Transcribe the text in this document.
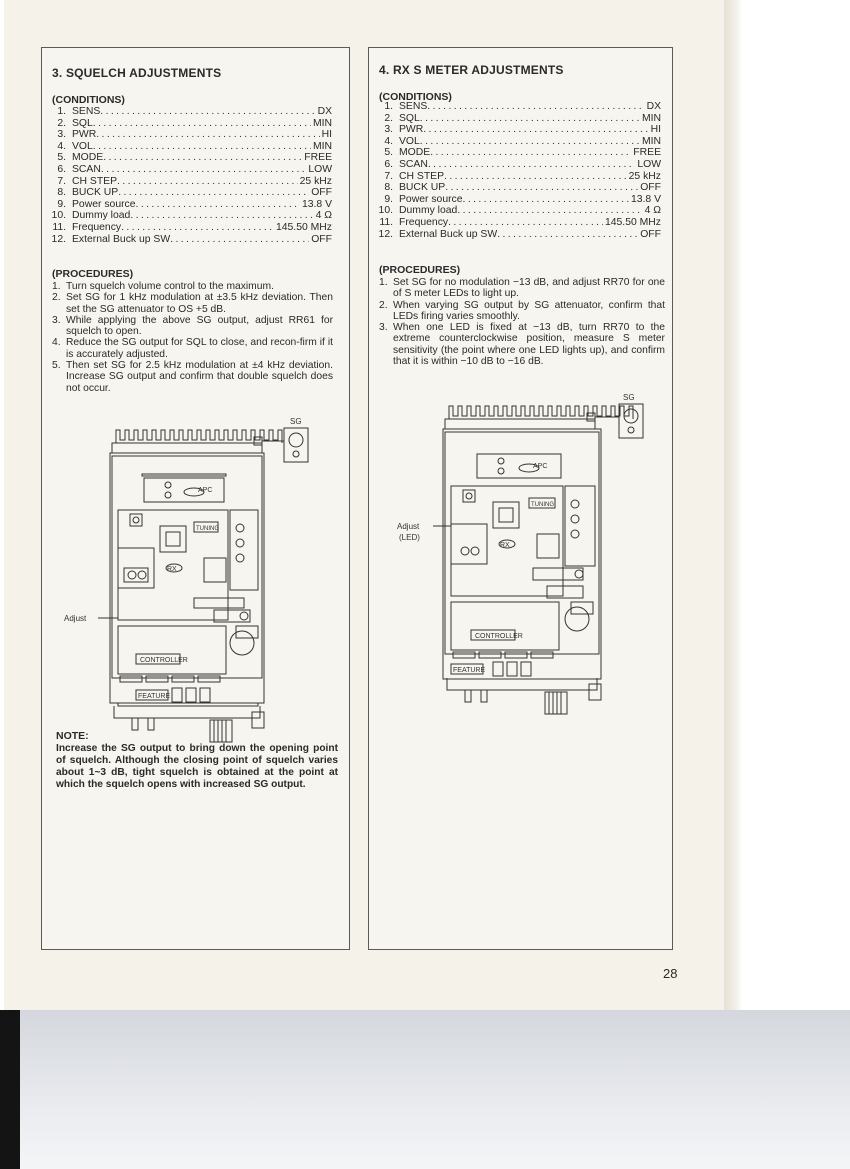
3. SQUELCH ADJUSTMENTS
(CONDITIONS)
1. SENS .....	DX
2. SQL .....	MIN
3. PWR .....	HI
4. VOL .....	MIN
5. MODE .....	FREE
6. SCAN .....	LOW
7. CH STEP .....	25 kHz
8. BUCK UP .....	OFF
9. Power source .....	13.8 V
10. Dummy load .....	4 Ω
11. Frequency .....	145.50 MHz
12. External Buck up SW .....	OFF
(PROCEDURES)
1. Turn squelch volume control to the maximum.
2. Set SG for 1 kHz modulation at ±3.5 kHz deviation. Then set the SG attenuator to OS +5 dB.
3. While applying the above SG output, adjust RR61 for squelch to open.
4. Reduce the SG output for SQL to close, and recon-firm if it is accurately adjusted.
5. Then set SG for 2.5 kHz modulation at ±4 kHz deviation. Increase SG output and confirm that double squelch does not occur.
SG
Adjust
APC
RX
CONTROLLER
FEATURE
TUNING
NOTE:
Increase the SG output to bring down the opening point of squelch. Although the closing point of squelch varies about 1~3 dB, tight squelch is obtained at the point at which the squelch opens with increased SG output.
4. RX S METER ADJUSTMENTS
(CONDITIONS)
1. SENS .....	DX
2. SQL .....	MIN
3. PWR .....	HI
4. VOL .....	MIN
5. MODE .....	FREE
6. SCAN .....	LOW
7. CH STEP .....	25 kHz
8. BUCK UP .....	OFF
9. Power source .....	13.8 V
10. Dummy load .....	4 Ω
11. Frequency .....	145.50 MHz
12. External Buck up SW .....	OFF
(PROCEDURES)
1. Set SG for no modulation −13 dB, and adjust RR70 for one of S meter LEDs to light up.
2. When varying SG output by SG attenuator, confirm that LEDs firing varies smoothly.
3. When one LED is fixed at −13 dB, turn RR70 to the extreme counterclockwise position, measure S meter sensitivity (the point where one LED lights up), and confirm that it is within −10 dB to −16 dB.
SG
Adjust
(LED)
APC
RX
CONTROLLER
FEATURE
TUNING
28
